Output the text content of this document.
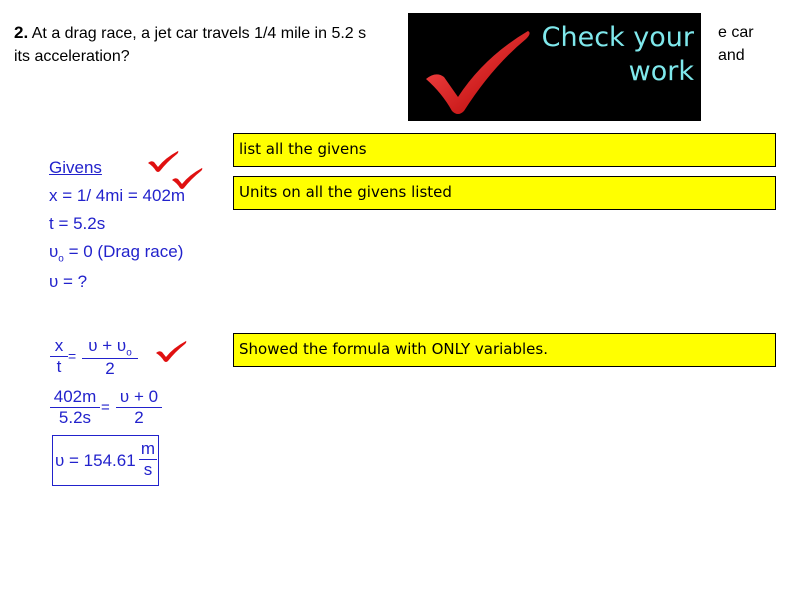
2. At a drag race, a jet car travels 1/4 mile in 5.2 s	e car and

its acceleration?
Check your
work
list all the givens
Units on all the givens listed
Showed the formula with ONLY variables.
Givens
x = 1/ 4mi = 402m
t = 5.2s
$\upsilon_o = 0$ (Drag race)
υ = ?
$\frac{x}{t} = \frac{\upsilon + \upsilon_o}{2}$
$\frac{402m}{5.2s} = \frac{\upsilon + 0}{2}$
$\upsilon = 154.61 \frac{m}{s}$
